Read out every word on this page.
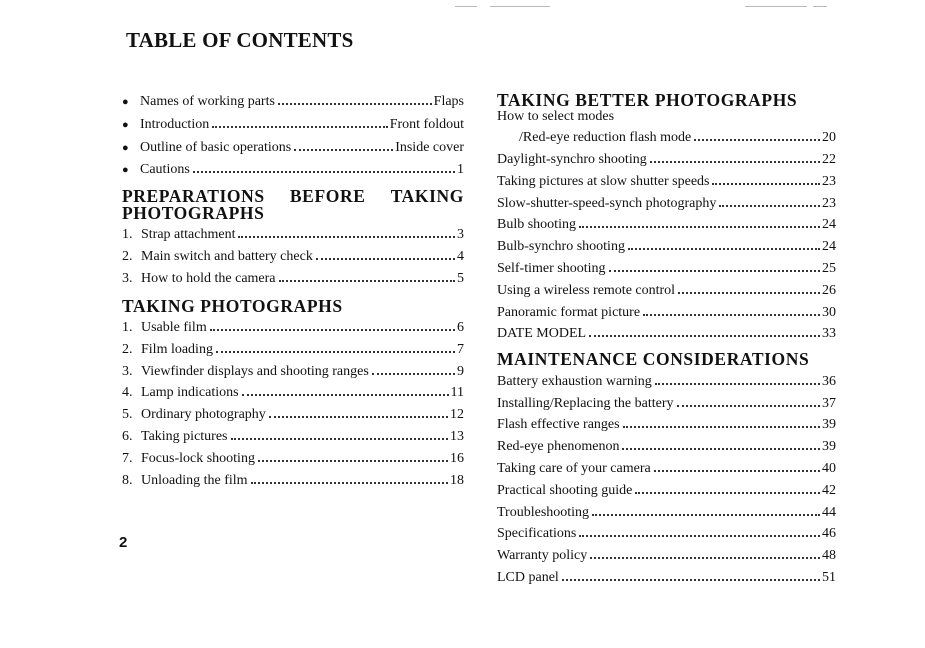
TABLE OF CONTENTS
● Names of working parts	Flaps
● Introduction	Front foldout
● Outline of basic operations	Inside cover
● Cautions	1
PREPARATIONS BEFORE TAKING
PHOTOGRAPHS
1. Strap attachment	3
2. Main switch and battery check	4
3. How to hold the camera	5
TAKING PHOTOGRAPHS
1. Usable film	6
2. Film loading	7
3. Viewfinder displays and shooting ranges	9
4. Lamp indications	11
5. Ordinary photography	12
6. Taking pictures	13
7. Focus-lock shooting	16
8. Unloading the film	18
TAKING BETTER PHOTOGRAPHS
How to select modes
/Red-eye reduction flash mode	20
Daylight-synchro shooting	22
Taking pictures at slow shutter speeds	23
Slow-shutter-speed-synch photography	23
Bulb shooting	24
Bulb-synchro shooting	24
Self-timer shooting	25
Using a wireless remote control	26
Panoramic format picture	30
DATE MODEL	33
MAINTENANCE CONSIDERATIONS
Battery exhaustion warning	36
Installing/Replacing the battery	37
Flash effective ranges	39
Red-eye phenomenon	39
Taking care of your camera	40
Practical shooting guide	42
Troubleshooting	44
Specifications	46
Warranty policy	48
LCD panel	51
2
